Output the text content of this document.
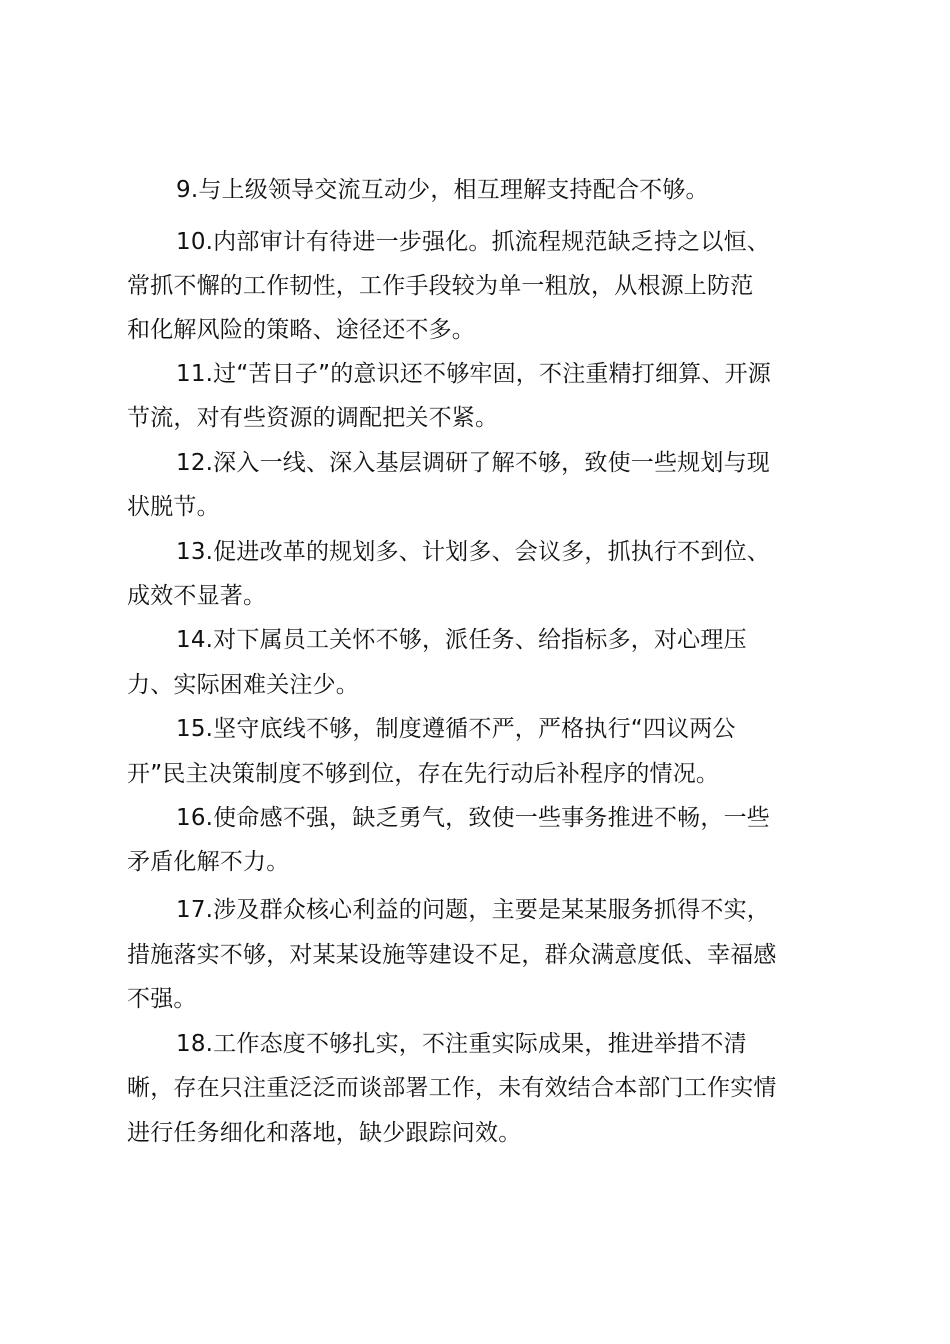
9.与上级领导交流互动少，相互理解支持配合不够。
10.内部审计有待进一步强化。抓流程规范缺乏持之以恒、
常抓不懈的工作韧性，工作手段较为单一粗放，从根源上防范
和化解风险的策略、途径还不多。
11.过“苦日子”的意识还不够牢固，不注重精打细算、开源
节流，对有些资源的调配把关不紧。
12.深入一线、深入基层调研了解不够，致使一些规划与现
状脱节。
13.促进改革的规划多、计划多、会议多，抓执行不到位、
成效不显著。
14.对下属员工关怀不够，派任务、给指标多，对心理压
力、实际困难关注少。
15.坚守底线不够，制度遵循不严，严格执行“四议两公
开”民主决策制度不够到位，存在先行动后补程序的情况。
16.使命感不强，缺乏勇气，致使一些事务推进不畅，一些
矛盾化解不力。
17.涉及群众核心利益的问题，主要是某某服务抓得不实，
措施落实不够，对某某设施等建设不足，群众满意度低、幸福感
不强。
18.工作态度不够扎实，不注重实际成果，推进举措不清
晰，存在只注重泛泛而谈部署工作，未有效结合本部门工作实情
进行任务细化和落地，缺少跟踪问效。
